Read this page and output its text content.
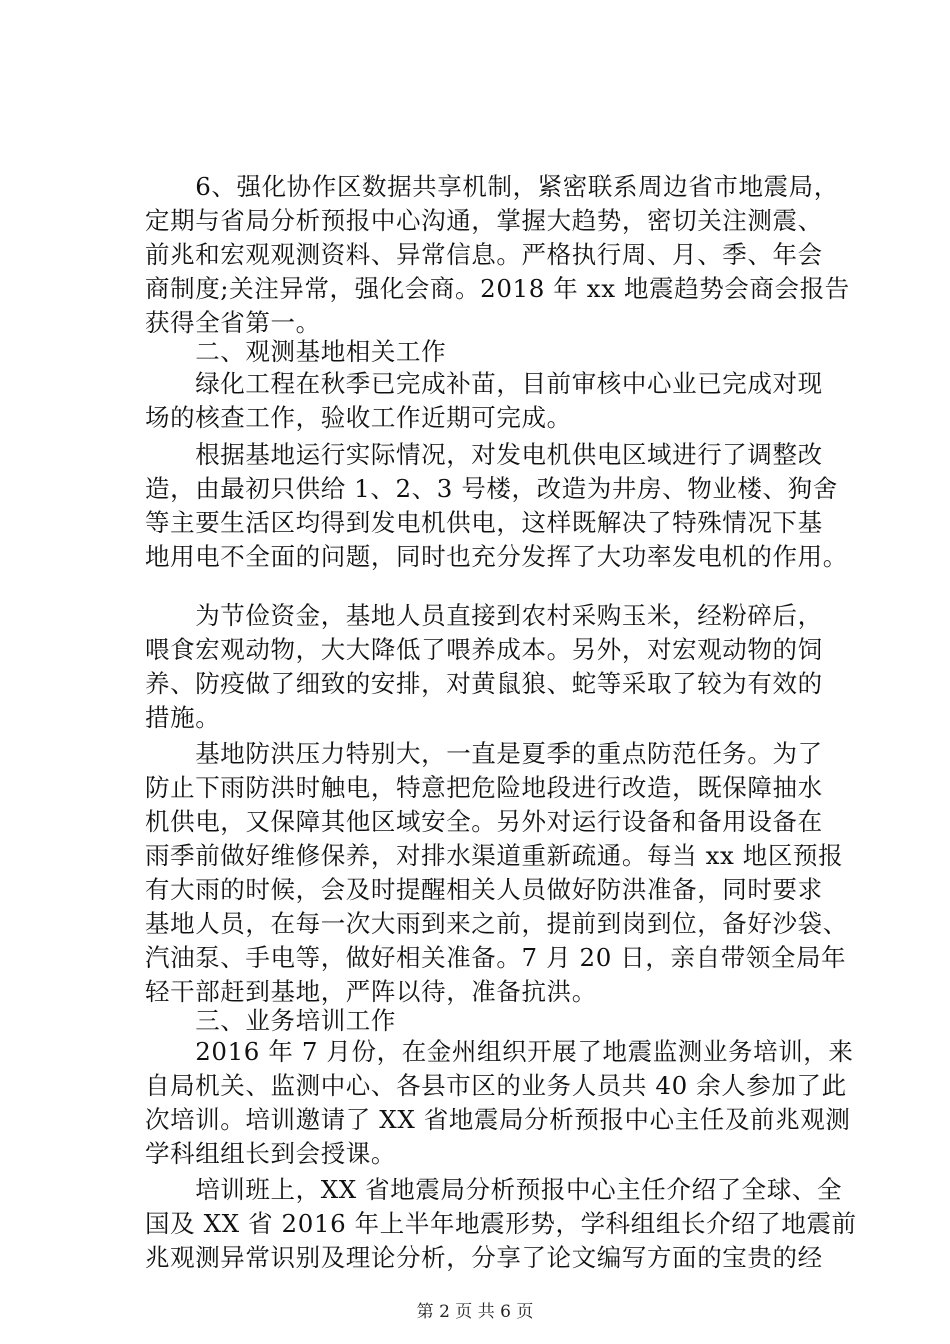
　　6、强化协作区数据共享机制，紧密联系周边省市地震局，
定期与省局分析预报中心沟通，掌握大趋势，密切关注测震、
前兆和宏观观测资料、异常信息。严格执行周、月、季、年会
商制度;关注异常，强化会商。2018 年 xx 地震趋势会商会报告
获得全省第一。
　　二、观测基地相关工作
　　绿化工程在秋季已完成补苗，目前审核中心业已完成对现
场的核查工作，验收工作近期可完成。
　　根据基地运行实际情况，对发电机供电区域进行了调整改
造，由最初只供给 1、2、3 号楼，改造为井房、物业楼、狗舍
等主要生活区均得到发电机供电，这样既解决了特殊情况下基
地用电不全面的问题，同时也充分发挥了大功率发电机的作用。
　　为节俭资金，基地人员直接到农村采购玉米，经粉碎后，
喂食宏观动物，大大降低了喂养成本。另外，对宏观动物的饲
养、防疫做了细致的安排，对黄鼠狼、蛇等采取了较为有效的
措施。
　　基地防洪压力特别大，一直是夏季的重点防范任务。为了
防止下雨防洪时触电，特意把危险地段进行改造，既保障抽水
机供电，又保障其他区域安全。另外对运行设备和备用设备在
雨季前做好维修保养，对排水渠道重新疏通。每当 xx 地区预报
有大雨的时候，会及时提醒相关人员做好防洪准备，同时要求
基地人员，在每一次大雨到来之前，提前到岗到位，备好沙袋、
汽油泵、手电等，做好相关准备。7 月 20 日，亲自带领全局年
轻干部赶到基地，严阵以待，准备抗洪。
　　三、业务培训工作
　　2016 年 7 月份，在金州组织开展了地震监测业务培训，来
自局机关、监测中心、各县市区的业务人员共 40 余人参加了此
次培训。培训邀请了 XX 省地震局分析预报中心主任及前兆观测
学科组组长到会授课。
　　培训班上，XX 省地震局分析预报中心主任介绍了全球、全
国及 XX 省 2016 年上半年地震形势，学科组组长介绍了地震前
兆观测异常识别及理论分析，分享了论文编写方面的宝贵的经
第 2 页 共 6 页
